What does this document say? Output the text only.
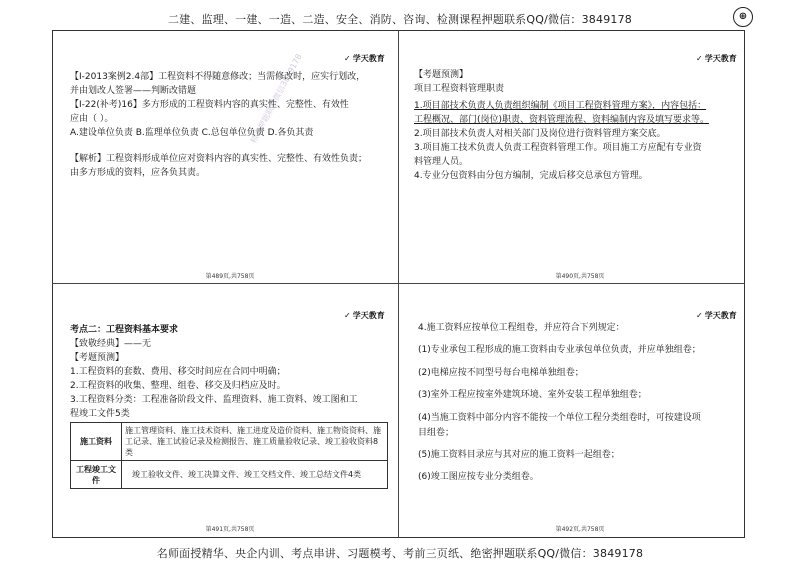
二建、监理、一建、一造、二造、安全、消防、咨询、检测课程押题联系QQ/微信：3849178	⊕
✓ 学天教育	✓ 学天教育
✓ 学天教育	✓ 学天教育
精准押题联系微信3849178
【Ⅰ-2013案例2.4部】工程资料不得随意修改；当需修改时，应实行划改，
并由划改人签署——判断改错题
【Ⅰ-22(补考)16】多方形成的工程资料内容的真实性、完整性、有效性
应由（ ）。
A.建设单位负责 B.监理单位负责 C.总包单位负责 D.各负其责
【解析】工程资料形成单位应对资料内容的真实性、完整性、有效性负责；
由多方形成的资料，应各负其责。
第489页,共758页
【考题预测】
项目工程资料管理职责
1.项目部技术负责人负责组织编制《项目工程资料管理方案》，内容包括：
工程概况、部门(岗位)职责、资料管理流程、资料编制内容及填写要求等。
2.项目部技术负责人对相关部门及岗位进行资料管理方案交底。
3.项目施工技术负责人负责工程资料管理工作。项目施工方应配有专业资
料管理人员。
4.专业分包资料由分包方编制，完成后移交总承包方管理。
第490页,共758页
考点二：工程资料基本要求
【致敬经典】——无
【考题预测】
1.工程资料的套数、费用、移交时间应在合同中明确；
2.工程资料的收集、整理、组卷、移交及归档应及时。
3.工程资料分类：工程准备阶段文件、监理资料、施工资料、竣工图和工
程竣工文件5类
施工资料	施工管理资料、施工技术资料、施工进度及造价资料、施工物资资料、施工记录、施工试验记录及检测报告、施工质量验收记录、竣工验收资料8类
工程竣工文件	竣工验收文件、竣工决算文件、竣工交档文件、竣工总结文件4类
第491页,共758页
4.施工资料应按单位工程组卷，并应符合下列规定：
(1)专业承包工程形成的施工资料由专业承包单位负责，并应单独组卷；
(2)电梯应按不同型号每台电梯单独组卷；
(3)室外工程应按室外建筑环境、室外安装工程单独组卷；
(4)当施工资料中部分内容不能按一个单位工程分类组卷时，可按建设项
目组卷；
(5)施工资料目录应与其对应的施工资料一起组卷；
(6)竣工图应按专业分类组卷。
第492页,共758页
名师面授精华、央企内训、考点串讲、习题模考、考前三页纸、绝密押题联系QQ/微信：3849178
